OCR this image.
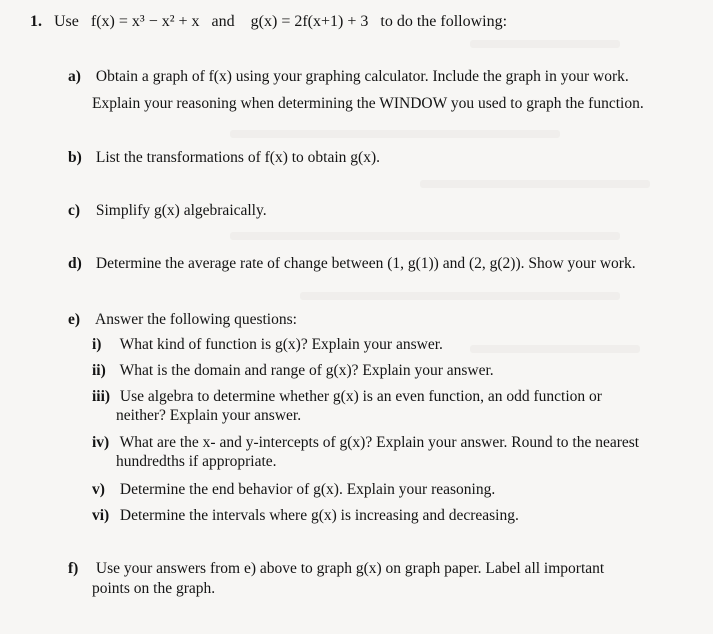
1. Use f(x) = x³ − x² + x and g(x) = 2f(x+1) + 3 to do the following:
a) Obtain a graph of f(x) using your graphing calculator. Include the graph in your work.
Explain your reasoning when determining the WINDOW you used to graph the function.
b) List the transformations of f(x) to obtain g(x).
c) Simplify g(x) algebraically.
d) Determine the average rate of change between (1, g(1)) and (2, g(2)). Show your work.
e) Answer the following questions:
i) What kind of function is g(x)? Explain your answer.
ii) What is the domain and range of g(x)? Explain your answer.
iii) Use algebra to determine whether g(x) is an even function, an odd function or
neither? Explain your answer.
iv) What are the x- and y-intercepts of g(x)? Explain your answer. Round to the nearest
hundredths if appropriate.
v) Determine the end behavior of g(x). Explain your reasoning.
vi) Determine the intervals where g(x) is increasing and decreasing.
f) Use your answers from e) above to graph g(x) on graph paper. Label all important
points on the graph.
